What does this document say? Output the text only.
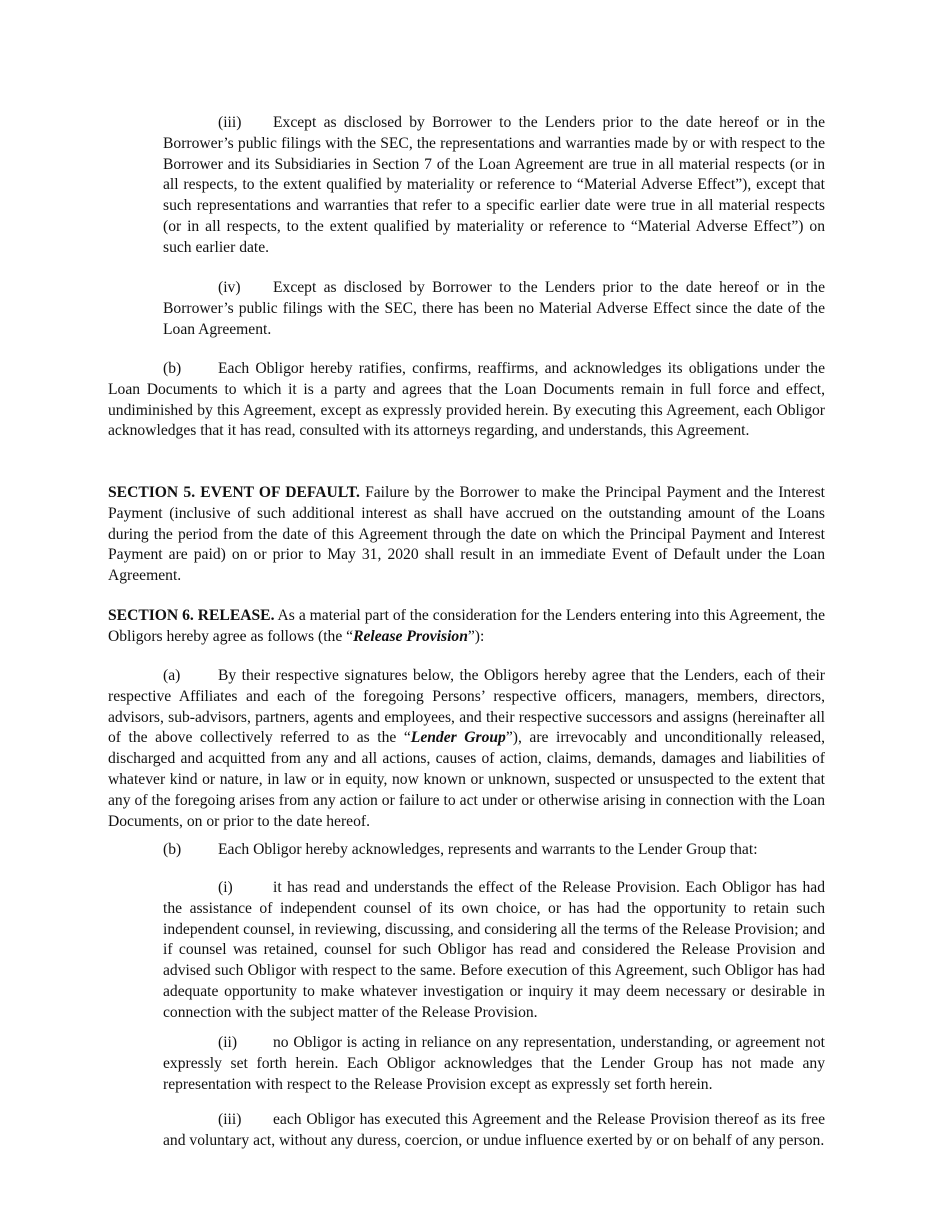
(iii) Except as disclosed by Borrower to the Lenders prior to the date hereof or in the Borrower’s public filings with the SEC, the representations and warranties made by or with respect to the Borrower and its Subsidiaries in Section 7 of the Loan Agreement are true in all material respects (or in all respects, to the extent qualified by materiality or reference to “Material Adverse Effect”), except that such representations and warranties that refer to a specific earlier date were true in all material respects (or in all respects, to the extent qualified by materiality or reference to “Material Adverse Effect”) on such earlier date.

(iv) Except as disclosed by Borrower to the Lenders prior to the date hereof or in the Borrower’s public filings with the SEC, there has been no Material Adverse Effect since the date of the Loan Agreement.

(b) Each Obligor hereby ratifies, confirms, reaffirms, and acknowledges its obligations under the Loan Documents to which it is a party and agrees that the Loan Documents remain in full force and effect, undiminished by this Agreement, except as expressly provided herein. By executing this Agreement, each Obligor acknowledges that it has read, consulted with its attorneys regarding, and understands, this Agreement.

SECTION 5. EVENT OF DEFAULT. Failure by the Borrower to make the Principal Payment and the Interest Payment (inclusive of such additional interest as shall have accrued on the outstanding amount of the Loans during the period from the date of this Agreement through the date on which the Principal Payment and Interest Payment are paid) on or prior to May 31, 2020 shall result in an immediate Event of Default under the Loan Agreement.

SECTION 6. RELEASE. As a material part of the consideration for the Lenders entering into this Agreement, the Obligors hereby agree as follows (the “Release Provision”):

(a) By their respective signatures below, the Obligors hereby agree that the Lenders, each of their respective Affiliates and each of the foregoing Persons’ respective officers, managers, members, directors, advisors, sub-advisors, partners, agents and employees, and their respective successors and assigns (hereinafter all of the above collectively referred to as the “Lender Group”), are irrevocably and unconditionally released, discharged and acquitted from any and all actions, causes of action, claims, demands, damages and liabilities of whatever kind or nature, in law or in equity, now known or unknown, suspected or unsuspected to the extent that any of the foregoing arises from any action or failure to act under or otherwise arising in connection with the Loan Documents, on or prior to the date hereof.

(b) Each Obligor hereby acknowledges, represents and warrants to the Lender Group that:

(i)	it has read and understands the effect of the Release Provision. Each Obligor has had the assistance of independent counsel of its own choice, or has had the opportunity to retain such independent counsel, in reviewing, discussing, and considering all the terms of the Release Provision; and if counsel was retained, counsel for such Obligor has read and considered the Release Provision and advised such Obligor with respect to the same. Before execution of this Agreement, such Obligor has had adequate opportunity to make whatever investigation or inquiry it may deem necessary or desirable in connection with the subject matter of the Release Provision.

(ii) no Obligor is acting in reliance on any representation, understanding, or agreement not expressly set forth herein. Each Obligor acknowledges that the Lender Group has not made any representation with respect to the Release Provision except as expressly set forth herein.

(iii) each Obligor has executed this Agreement and the Release Provision thereof as its free and voluntary act, without any duress, coercion, or undue influence exerted by or on behalf of any person.
